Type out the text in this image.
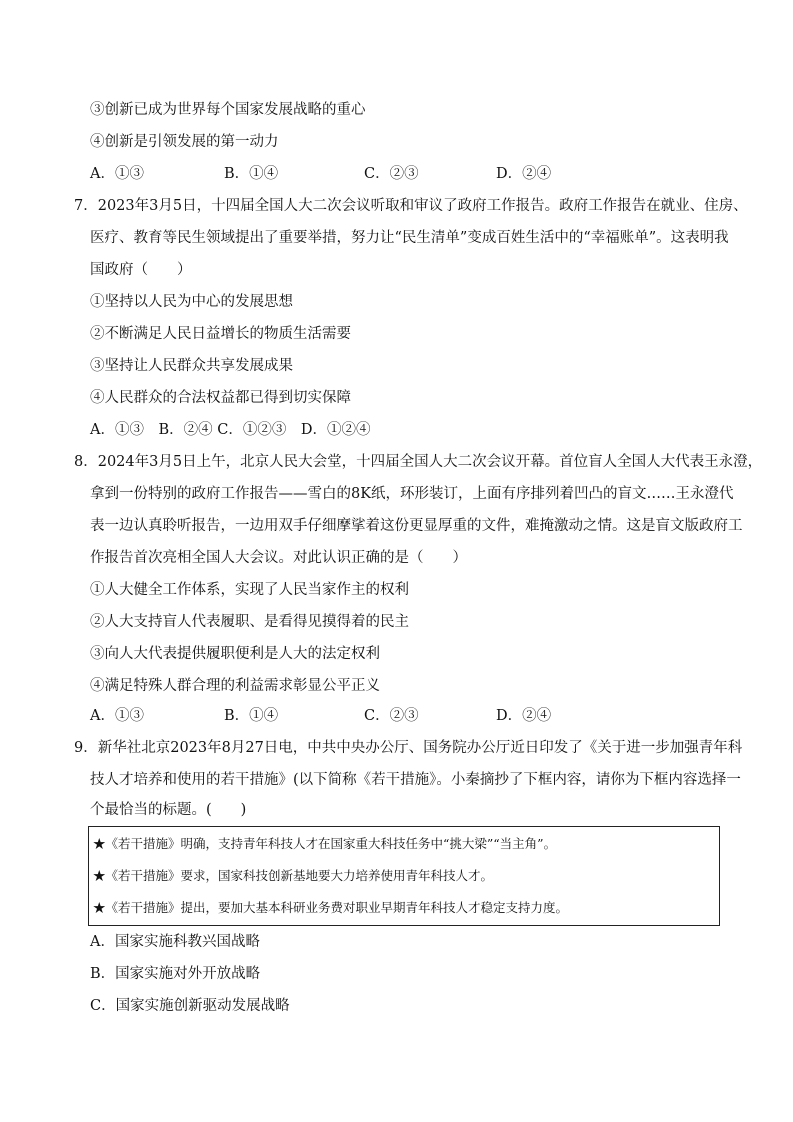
③创新已成为世界每个国家发展战略的重心
④创新是引领发展的第一动力
A．①③	B．①④	C．②③	D．②④
7．2023年3月5日，十四届全国人大二次会议听取和审议了政府工作报告。政府工作报告在就业、住房、
医疗、教育等民生领域提出了重要举措，努力让“民生清单”变成百姓生活中的“幸福账单”。这表明我
国政府（　　）
①坚持以人民为中心的发展思想
②不断满足人民日益增长的物质生活需要
③坚持让人民群众共享发展成果
④人民群众的合法权益都已得到切实保障
A．①③　B．②④ C．①②③　D．①②④
8．2024年3月5日上午，北京人民大会堂，十四届全国人大二次会议开幕。首位盲人全国人大代表王永澄，
拿到一份特别的政府工作报告——雪白的8K纸，环形装订，上面有序排列着凹凸的盲文……王永澄代
表一边认真聆听报告，一边用双手仔细摩挲着这份更显厚重的文件，难掩激动之情。这是盲文版政府工
作报告首次亮相全国人大会议。对此认识正确的是（　　）
①人大健全工作体系，实现了人民当家作主的权利
②人大支持盲人代表履职、是看得见摸得着的民主
③向人大代表提供履职便利是人大的法定权利
④满足特殊人群合理的利益需求彰显公平正义
A．①③	B．①④	C．②③	D．②④
9．新华社北京2023年8月27日电，中共中央办公厅、国务院办公厅近日印发了《关于进一步加强青年科
技人才培养和使用的若干措施》(以下简称《若干措施》。小秦摘抄了下框内容，请你为下框内容选择一
个最恰当的标题。(　　)
★《若干措施》明确，支持青年科技人才在国家重大科技任务中“挑大梁”“当主角”。
★《若干措施》要求，国家科技创新基地要大力培养使用青年科技人才。
★《若干措施》提出，要加大基本科研业务费对职业早期青年科技人才稳定支持力度。
A．国家实施科教兴国战略
B．国家实施对外开放战略
C．国家实施创新驱动发展战略
